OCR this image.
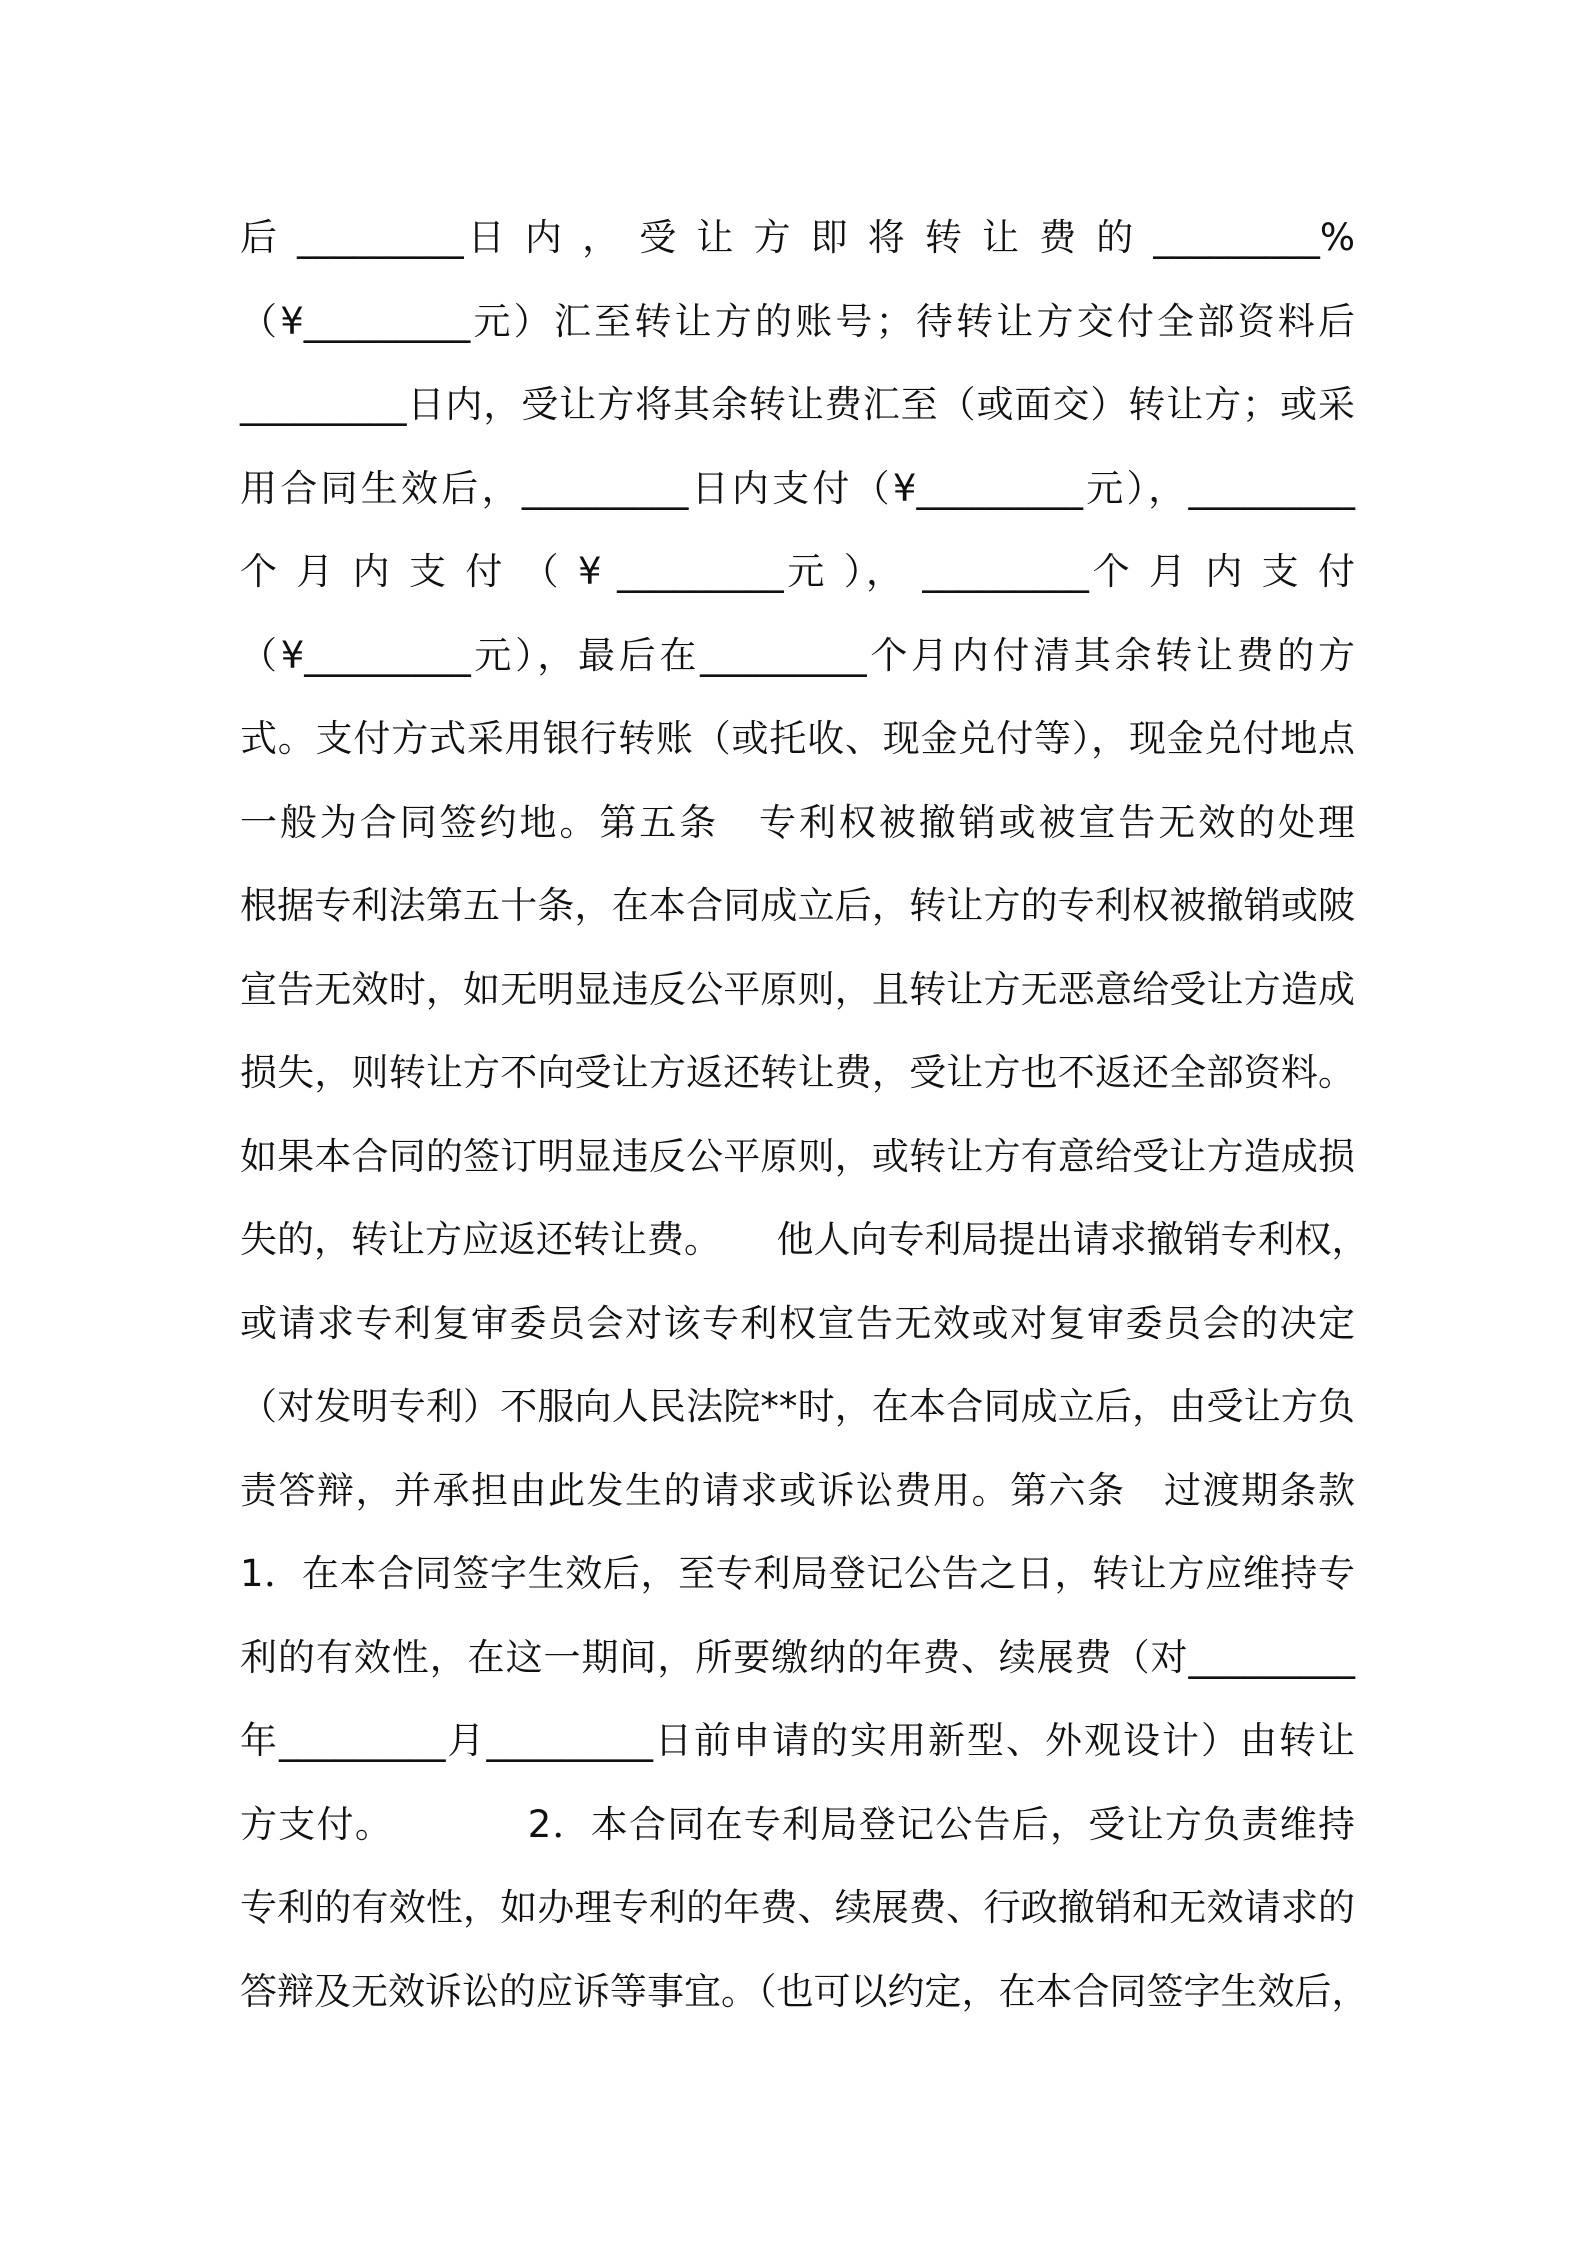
后 _________日 内 ， 受 让 方 即 将 转 让 费 的 _________%
（¥_________元）汇至转让方的账号；待转让方交付全部资料后
_________日内，受让方将其余转让费汇至（或面交）转让方；或采
用合同生效后，_________日内支付（¥_________元），_________
个 月 内 支 付 （ ¥ _________元 ）， _________个 月 内 支 付
（¥_________元），最后在_________个月内付清其余转让费的方
式。支付方式采用银行转账（或托收、现金兑付等），现金兑付地点
一般为合同签约地。第五条　专利权被撤销或被宣告无效的处理
根据专利法第五十条，在本合同成立后，转让方的专利权被撤销或陂
宣告无效时，如无明显违反公平原则，且转让方无恶意给受让方造成
损失，则转让方不向受让方返还转让费，受让方也不返还全部资料。
如果本合同的签订明显违反公平原则，或转让方有意给受让方造成损
失的，转让方应返还转让费。　　他人向专利局提出请求撤销专利权，
或请求专利复审委员会对该专利权宣告无效或对复审委员会的决定
（对发明专利）不服向人民法院**时，在本合同成立后，由受让方负
责答辩，并承担由此发生的请求或诉讼费用。第六条　过渡期条款
1．在本合同签字生效后，至专利局登记公告之日，转让方应维持专
利的有效性，在这一期间，所要缴纳的年费、续展费（对_________
年_________月_________日前申请的实用新型、外观设计）由转让
方支付。　　　　2．本合同在专利局登记公告后，受让方负责维持
专利的有效性，如办理专利的年费、续展费、行政撤销和无效请求的
答辩及无效诉讼的应诉等事宜。（也可以约定，在本合同签字生效后，
